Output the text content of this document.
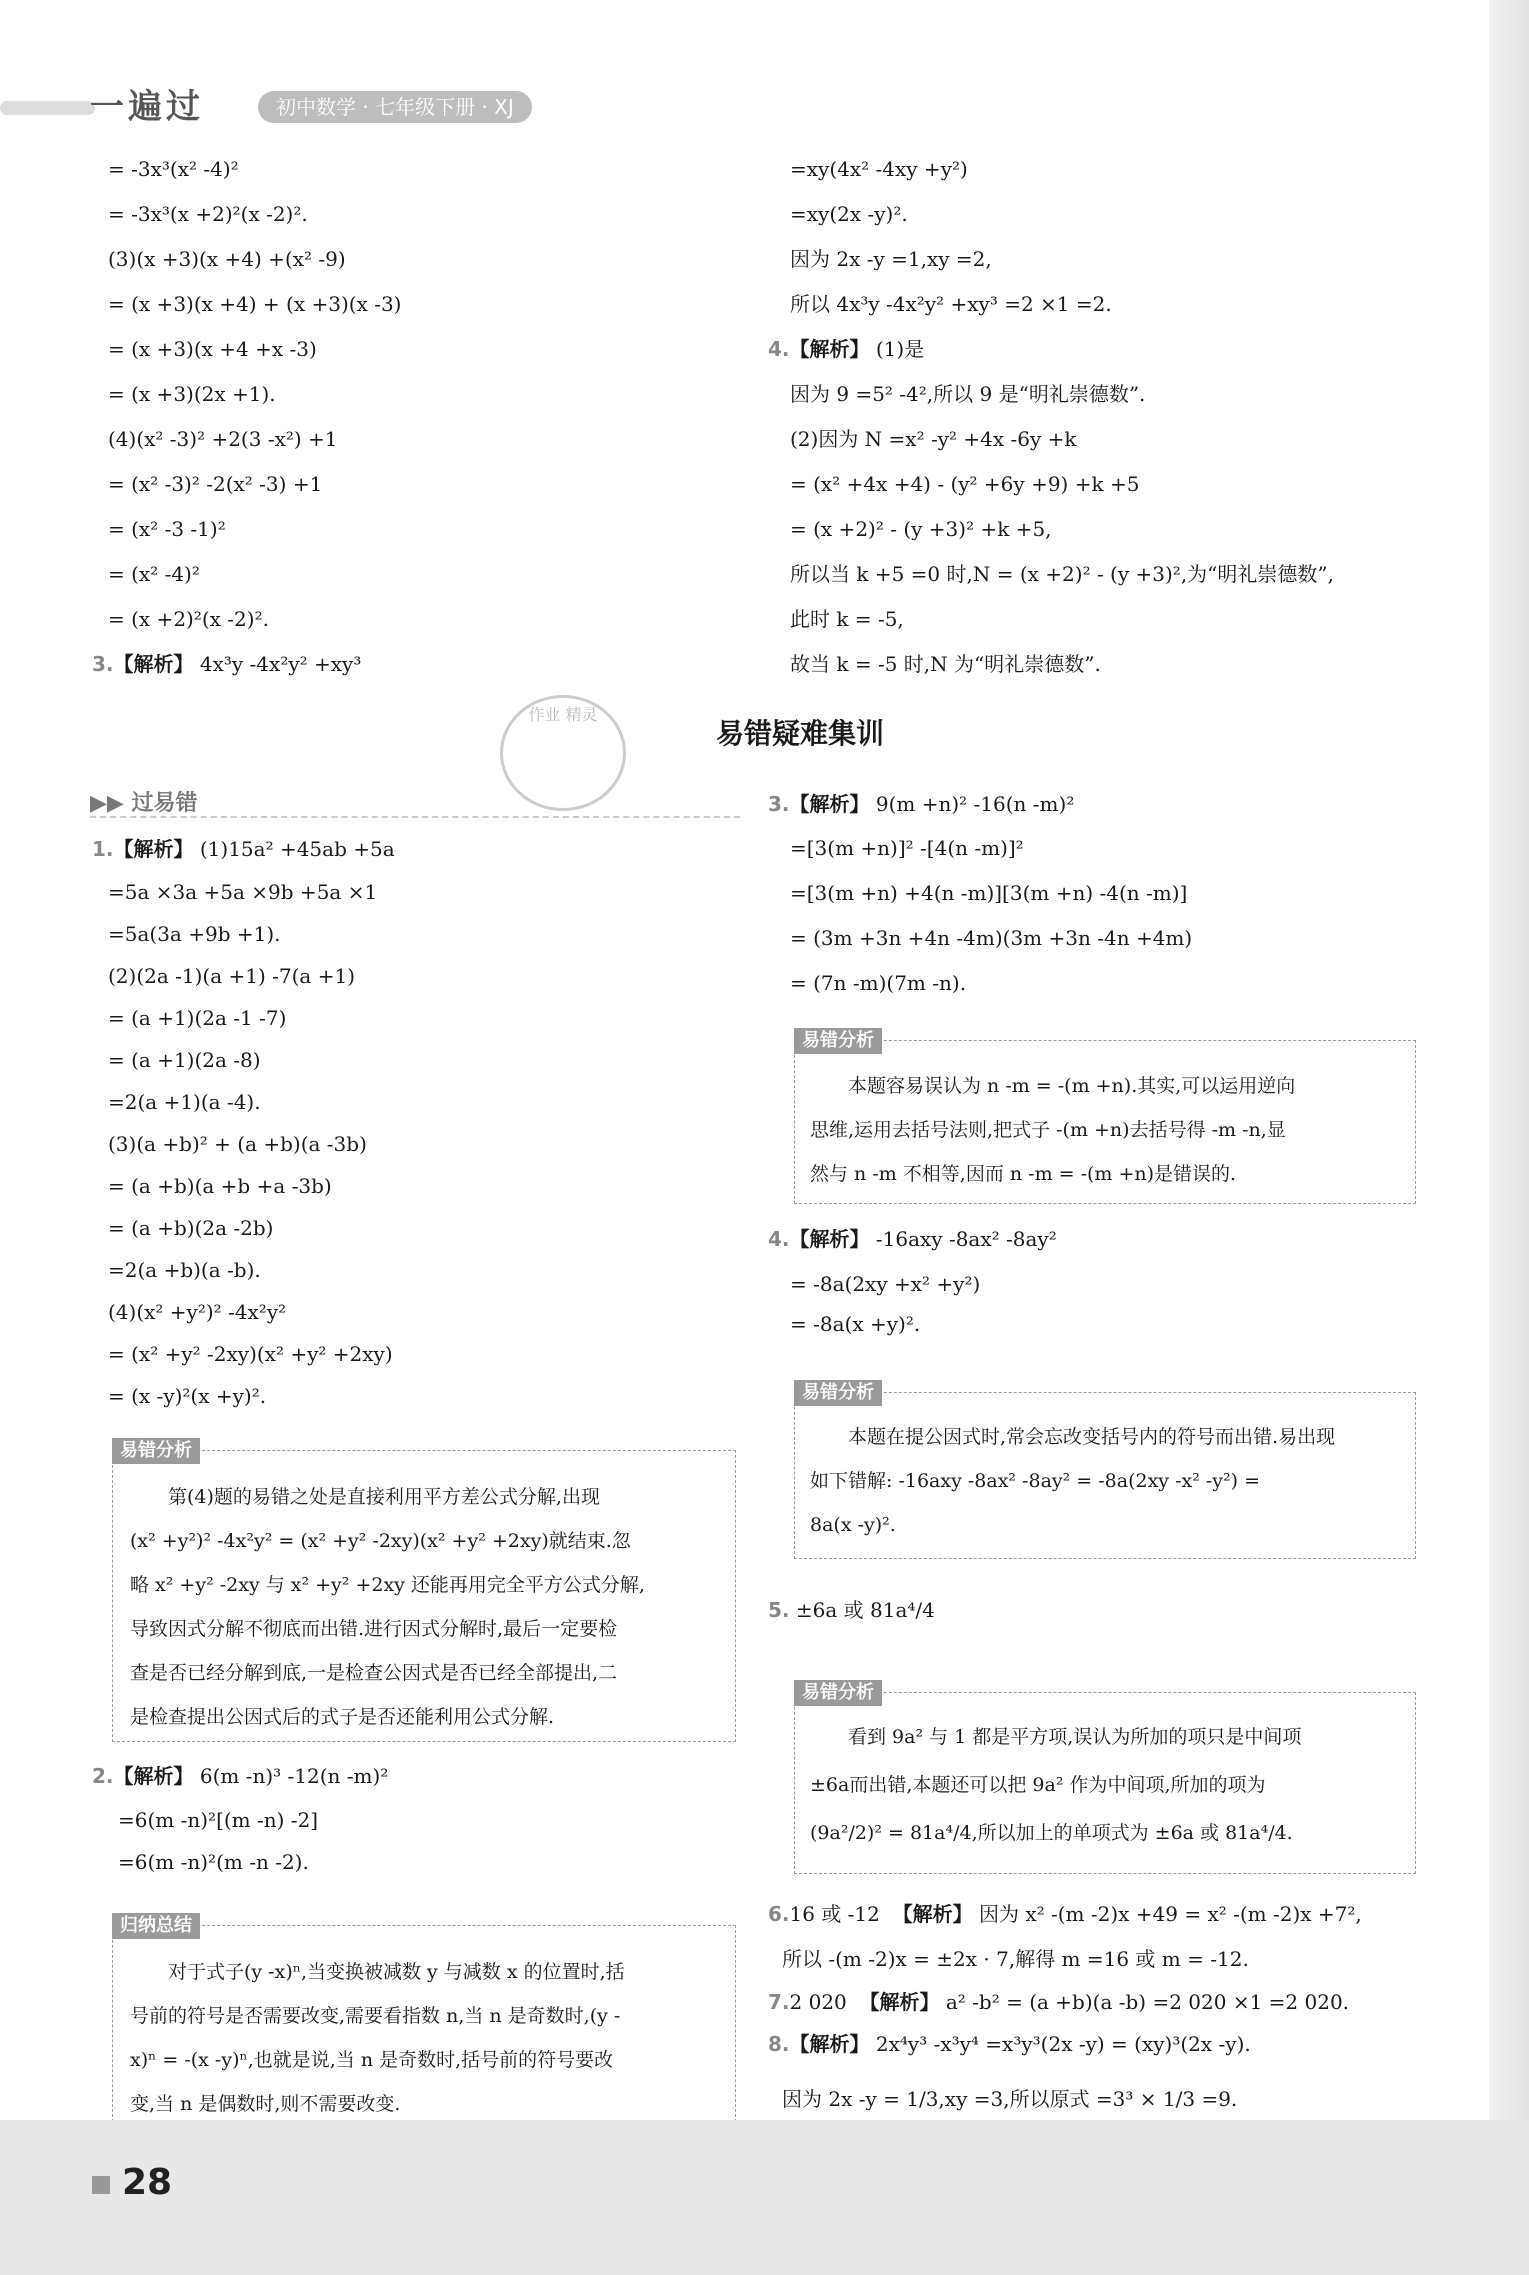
一遍过	初中数学 · 七年级下册 · XJ
= -3x³(x² -4)²
= -3x³(x +2)²(x -2)².
(3)(x +3)(x +4) +(x² -9)
= (x +3)(x +4) + (x +3)(x -3)
= (x +3)(x +4 +x -3)
= (x +3)(2x +1).
(4)(x² -3)² +2(3 -x²) +1
= (x² -3)² -2(x² -3) +1
= (x² -3 -1)²
= (x² -4)²
= (x +2)²(x -2)².
3.【解析】 4x³y -4x²y² +xy³
=xy(4x² -4xy +y²)
=xy(2x -y)².
因为 2x -y =1,xy =2,
所以 4x³y -4x²y² +xy³ =2 ×1 =2.
4.【解析】 (1)是
因为 9 =5² -4²,所以 9 是“明礼崇德数”.
(2)因为 N =x² -y² +4x -6y +k
= (x² +4x +4) - (y² +6y +9) +k +5
= (x +2)² - (y +3)² +k +5,
所以当 k +5 =0 时,N = (x +2)² - (y +3)²,为“明礼崇德数”,
此时 k = -5,
故当 k = -5 时,N 为“明礼崇德数”.
作业 精灵
易错疑难集训
▶▶ 过易错
1.【解析】 (1)15a² +45ab +5a
=5a ×3a +5a ×9b +5a ×1
=5a(3a +9b +1).
(2)(2a -1)(a +1) -7(a +1)
= (a +1)(2a -1 -7)
= (a +1)(2a -8)
=2(a +1)(a -4).
(3)(a +b)² + (a +b)(a -3b)
= (a +b)(a +b +a -3b)
= (a +b)(2a -2b)
=2(a +b)(a -b).
(4)(x² +y²)² -4x²y²
= (x² +y² -2xy)(x² +y² +2xy)
= (x -y)²(x +y)².
易错分析
　　第(4)题的易错之处是直接利用平方差公式分解,出现
(x² +y²)² -4x²y² = (x² +y² -2xy)(x² +y² +2xy)就结束.忽
略 x² +y² -2xy 与 x² +y² +2xy 还能再用完全平方公式分解,
导致因式分解不彻底而出错.进行因式分解时,最后一定要检
查是否已经分解到底,一是检查公因式是否已经全部提出,二
是检查提出公因式后的式子是否还能利用公式分解.
2.【解析】 6(m -n)³ -12(n -m)²
=6(m -n)²[(m -n) -2]
=6(m -n)²(m -n -2).
归纳总结
　　对于式子(y -x)ⁿ,当变换被减数 y 与减数 x 的位置时,括
号前的符号是否需要改变,需要看指数 n,当 n 是奇数时,(y -
x)ⁿ = -(x -y)ⁿ,也就是说,当 n 是奇数时,括号前的符号要改
变,当 n 是偶数时,则不需要改变.
3.【解析】 9(m +n)² -16(n -m)²
=[3(m +n)]² -[4(n -m)]²
=[3(m +n) +4(n -m)][3(m +n) -4(n -m)]
= (3m +3n +4n -4m)(3m +3n -4n +4m)
= (7n -m)(7m -n).
易错分析
　　本题容易误认为 n -m = -(m +n).其实,可以运用逆向
思维,运用去括号法则,把式子 -(m +n)去括号得 -m -n,显
然与 n -m 不相等,因而 n -m = -(m +n)是错误的.
4.【解析】 -16axy -8ax² -8ay²
= -8a(2xy +x² +y²)
= -8a(x +y)².
易错分析
　　本题在提公因式时,常会忘改变括号内的符号而出错.易出现
如下错解: -16axy -8ax² -8ay² = -8a(2xy -x² -y²) =
8a(x -y)².
5. ±6a 或 81a⁴/4
易错分析
　　看到 9a² 与 1 都是平方项,误认为所加的项只是中间项
±6a而出错,本题还可以把 9a² 作为中间项,所加的项为
(9a²/2)² = 81a⁴/4,所以加上的单项式为 ±6a 或 81a⁴/4.
6.16 或 -12 【解析】 因为 x² -(m -2)x +49 = x² -(m -2)x +7²,
所以 -(m -2)x = ±2x · 7,解得 m =16 或 m = -12.
7.2 020 【解析】 a² -b² = (a +b)(a -b) =2 020 ×1 =2 020.
8.【解析】 2x⁴y³ -x³y⁴ =x³y³(2x -y) = (xy)³(2x -y).
因为 2x -y = 1/3,xy =3,所以原式 =3³ × 1/3 =9.
28
